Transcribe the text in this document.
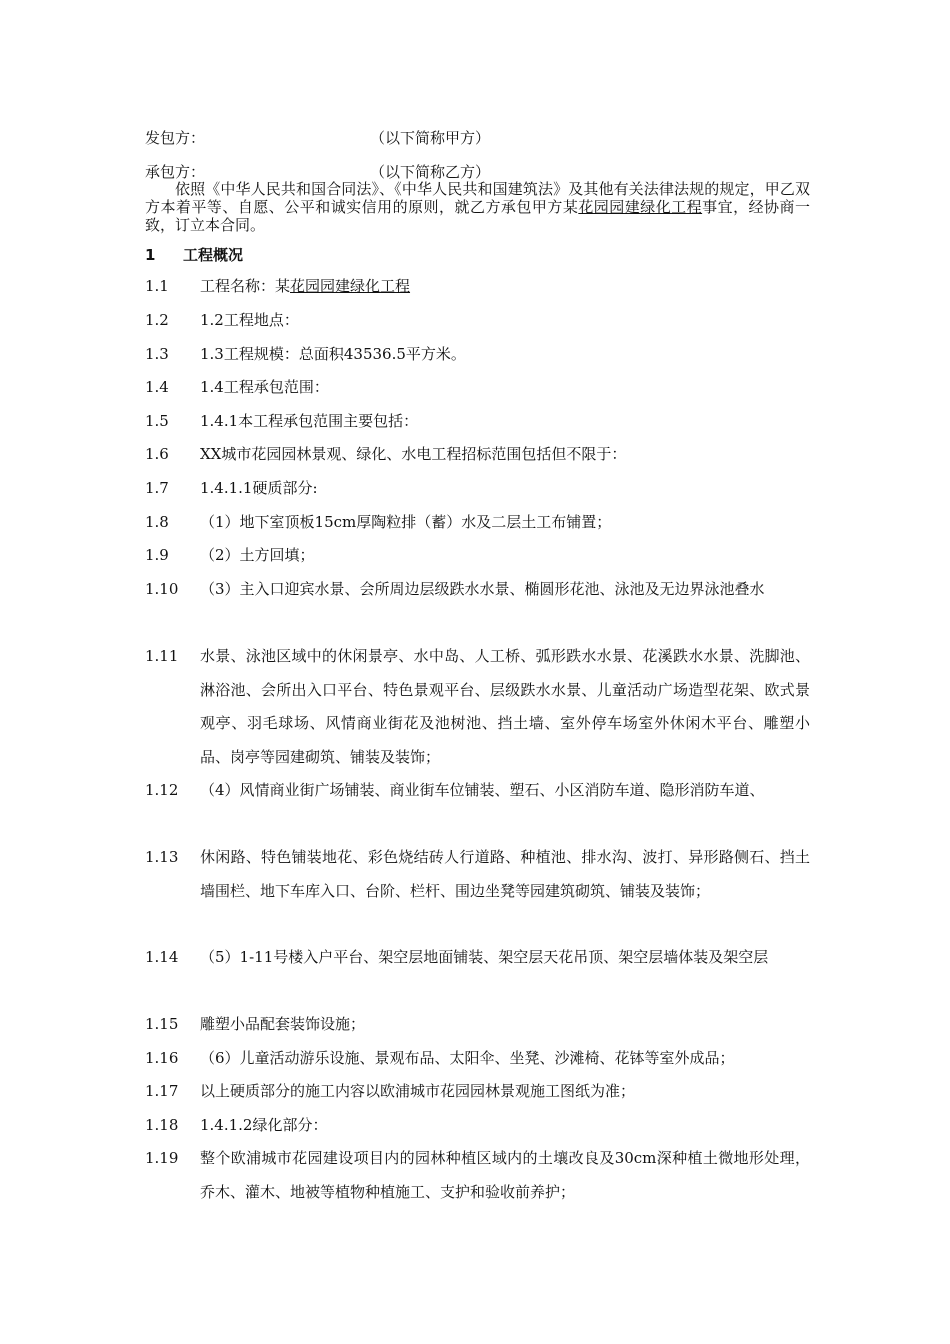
发包方：	（以下简称甲方）
承包方：	（以下简称乙方）
依照《中华人民共和国合同法》、《中华人民共和国建筑法》及其他有关法律法规的规定，甲乙双方本着平等、自愿、公平和诚实信用的原则，就乙方承包甲方某花园园建绿化工程事宜，经协商一致，订立本合同。
1 工程概况
1.1 工程名称：某花园园建绿化工程
1.2 1.2工程地点：
1.3 1.3工程规模：总面积43536.5平方米。
1.4 1.4工程承包范围：
1.5 1.4.1本工程承包范围主要包括：
1.6 XX城市花园园林景观、绿化、水电工程招标范围包括但不限于：
1.7 1.4.1.1硬质部分:
1.8 （1）地下室顶板15cm厚陶粒排（蓄）水及二层土工布铺置；
1.9 （2）土方回填；
1.10 （3）主入口迎宾水景、会所周边层级跌水水景、椭圆形花池、泳池及无边界泳池叠水
1.11 水景、泳池区域中的休闲景亭、水中岛、人工桥、弧形跌水水景、花溪跌水水景、洗脚池、淋浴池、会所出入口平台、特色景观平台、层级跌水水景、儿童活动广场造型花架、欧式景观亭、羽毛球场、风情商业街花及池树池、挡土墙、室外停车场室外休闲木平台、雕塑小品、岗亭等园建砌筑、铺装及装饰；
1.12 （4）风情商业街广场铺装、商业街车位铺装、塑石、小区消防车道、隐形消防车道、
1.13 休闲路、特色铺装地花、彩色烧结砖人行道路、种植池、排水沟、波打、异形路侧石、挡土墙围栏、地下车库入口、台阶、栏杆、围边坐凳等园建筑砌筑、铺装及装饰；
1.14 （5）1-11号楼入户平台、架空层地面铺装、架空层天花吊顶、架空层墙体装及架空层
1.15 雕塑小品配套装饰设施；
1.16 （6）儿童活动游乐设施、景观布品、太阳伞、坐凳、沙滩椅、花钵等室外成品；
1.17 以上硬质部分的施工内容以欧浦城市花园园林景观施工图纸为准；
1.18 1.4.1.2绿化部分：
1.19 整个欧浦城市花园建设项目内的园林种植区域内的土壤改良及30cm深种植土微地形处理，乔木、灌木、地被等植物种植施工、支护和验收前养护；
